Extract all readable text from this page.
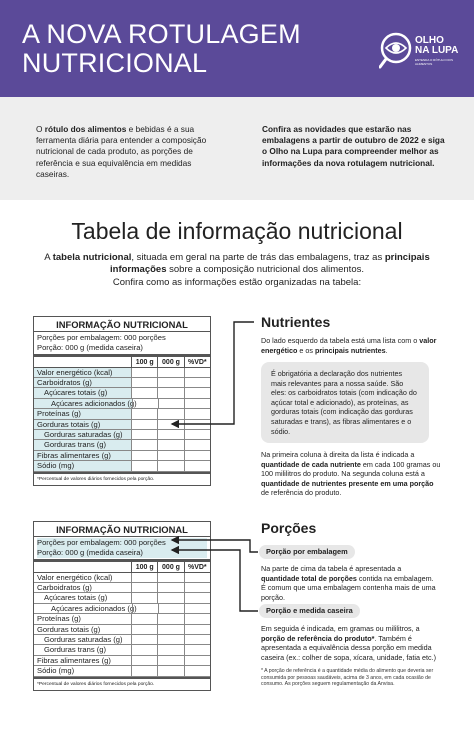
A NOVA ROTULAGEM
NUTRICIONAL
OLHO
NA LUPA
ENTENDA O RÓTULO DOS ALIMENTOS

O rótulo dos alimentos e bebidas é a sua ferramenta diária para entender a composição nutricional de cada produto, as porções de referência e sua equivalência em medidas caseiras.

Confira as novidades que estarão nas embalagens a partir de outubro de 2022 e siga o Olho na Lupa para compreender melhor as informações da nova rotulagem nutricional.

Tabela de informação nutricional

A tabela nutricional, situada em geral na parte de trás das embalagens, traz as principais informações sobre a composição nutricional dos alimentos.
Confira como as informações estão organizadas na tabela:

INFORMAÇÃO NUTRICIONAL
Porções por embalagem: 000 porções
Porção: 000 g (medida caseira)
100 g	000 g	%VD*
Valor energético (kcal)
Carboidratos (g)
Açúcares totais (g)
Açúcares adicionados (g)
Proteínas (g)
Gorduras totais (g)
Gorduras saturadas (g)
Gorduras trans (g)
Fibras alimentares (g)
Sódio (mg)
*Percentual de valores diários fornecidos pela porção.
INFORMAÇÃO NUTRICIONAL
Porções por embalagem: 000 porções
Porção: 000 g (medida caseira)
100 g	000 g	%VD*
Valor energético (kcal)
Carboidratos (g)
Açúcares totais (g)
Açúcares adicionados (g)
Proteínas (g)
Gorduras totais (g)
Gorduras saturadas (g)
Gorduras trans (g)
Fibras alimentares (g)
Sódio (mg)
*Percentual de valores diários fornecidos pela porção.
Nutrientes

Do lado esquerdo da tabela está uma lista com o valor energético e os principais nutrientes.

É obrigatória a declaração dos nutrientes mais relevantes para a nossa saúde. São eles: os carboidratos totais (com indicação do açúcar total e adicionado), as proteínas, as gorduras totais (com indicação das gorduras saturadas e trans), as fibras alimentares e o sódio.

Na primeira coluna à direita da lista é indicada a quantidade de cada nutriente em cada 100 gramas ou 100 mililitros do produto. Na segunda coluna está a quantidade de nutrientes presente em uma porção de referência do produto.

Porções
Porção por embalagem

Na parte de cima da tabela é apresentada a quantidade total de porções contida na embalagem. É comum que uma embalagem contenha mais de uma porção.

Porção e medida caseira

Em seguida é indicada, em gramas ou mililitros, a porção de referência do produto*. Também é apresentada a equivalência dessa porção em medida caseira (ex.: colher de sopa, xícara, unidade, fatia etc.)

* A porção de referência é a quantidade média do alimento que deveria ser consumida por pessoas saudáveis, acima de 3 anos, em cada ocasião de consumo. As porções seguem regulamentação da Anvisa.
